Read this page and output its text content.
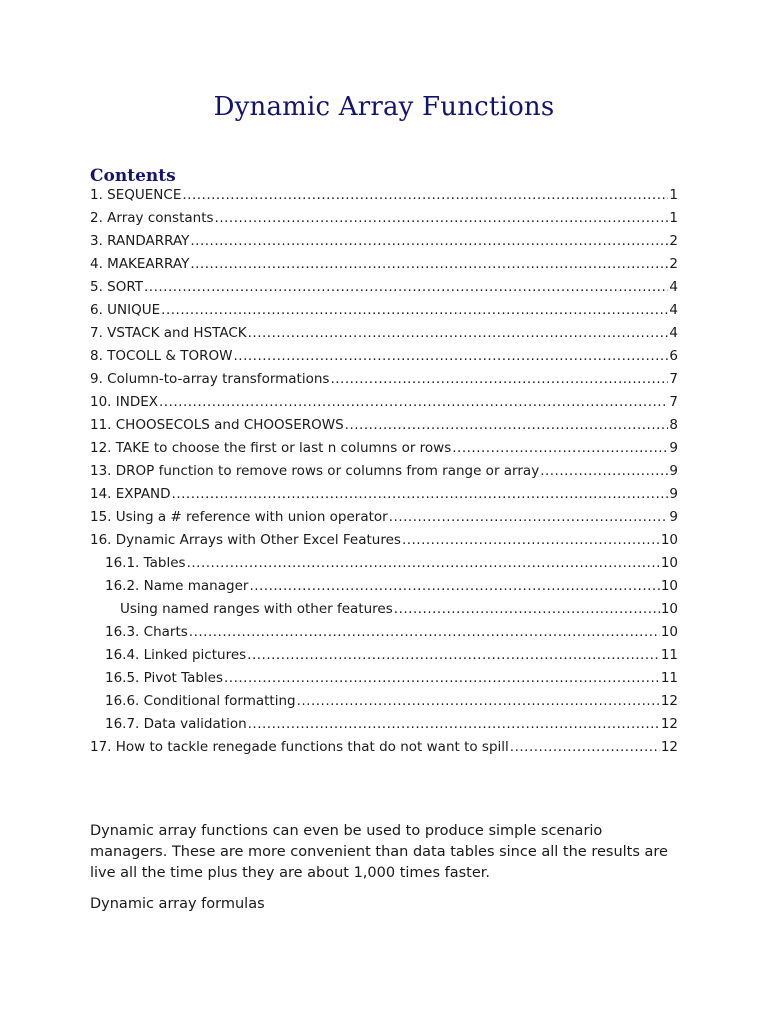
Dynamic Array Functions
Contents
1. SEQUENCE .....	1
2. Array constants .....	1
3. RANDARRAY .....	2
4. MAKEARRAY .....	2
5. SORT .....	4
6. UNIQUE .....	4
7. VSTACK and HSTACK .....	4
8. TOCOLL & TOROW .....	6
9. Column-to-array transformations .....	7
10. INDEX .....	7
11. CHOOSECOLS and CHOOSEROWS .....	8
12. TAKE to choose the first or last n columns or rows .....	9
13. DROP function to remove rows or columns from range or array .....	9
14. EXPAND .....	9
15. Using a # reference with union operator .....	9
16. Dynamic Arrays with Other Excel Features .....	10
16.1. Tables .....	10
16.2. Name manager .....	10
Using named ranges with other features .....	10
16.3. Charts .....	10
16.4. Linked pictures .....	11
16.5. Pivot Tables .....	11
16.6. Conditional formatting .....	12
16.7. Data validation .....	12
17. How to tackle renegade functions that do not want to spill .....	12

Dynamic array functions can even be used to produce simple scenario managers. These are more convenient than data tables since all the results are live all the time plus they are about 1,000 times faster.

Dynamic array formulas
